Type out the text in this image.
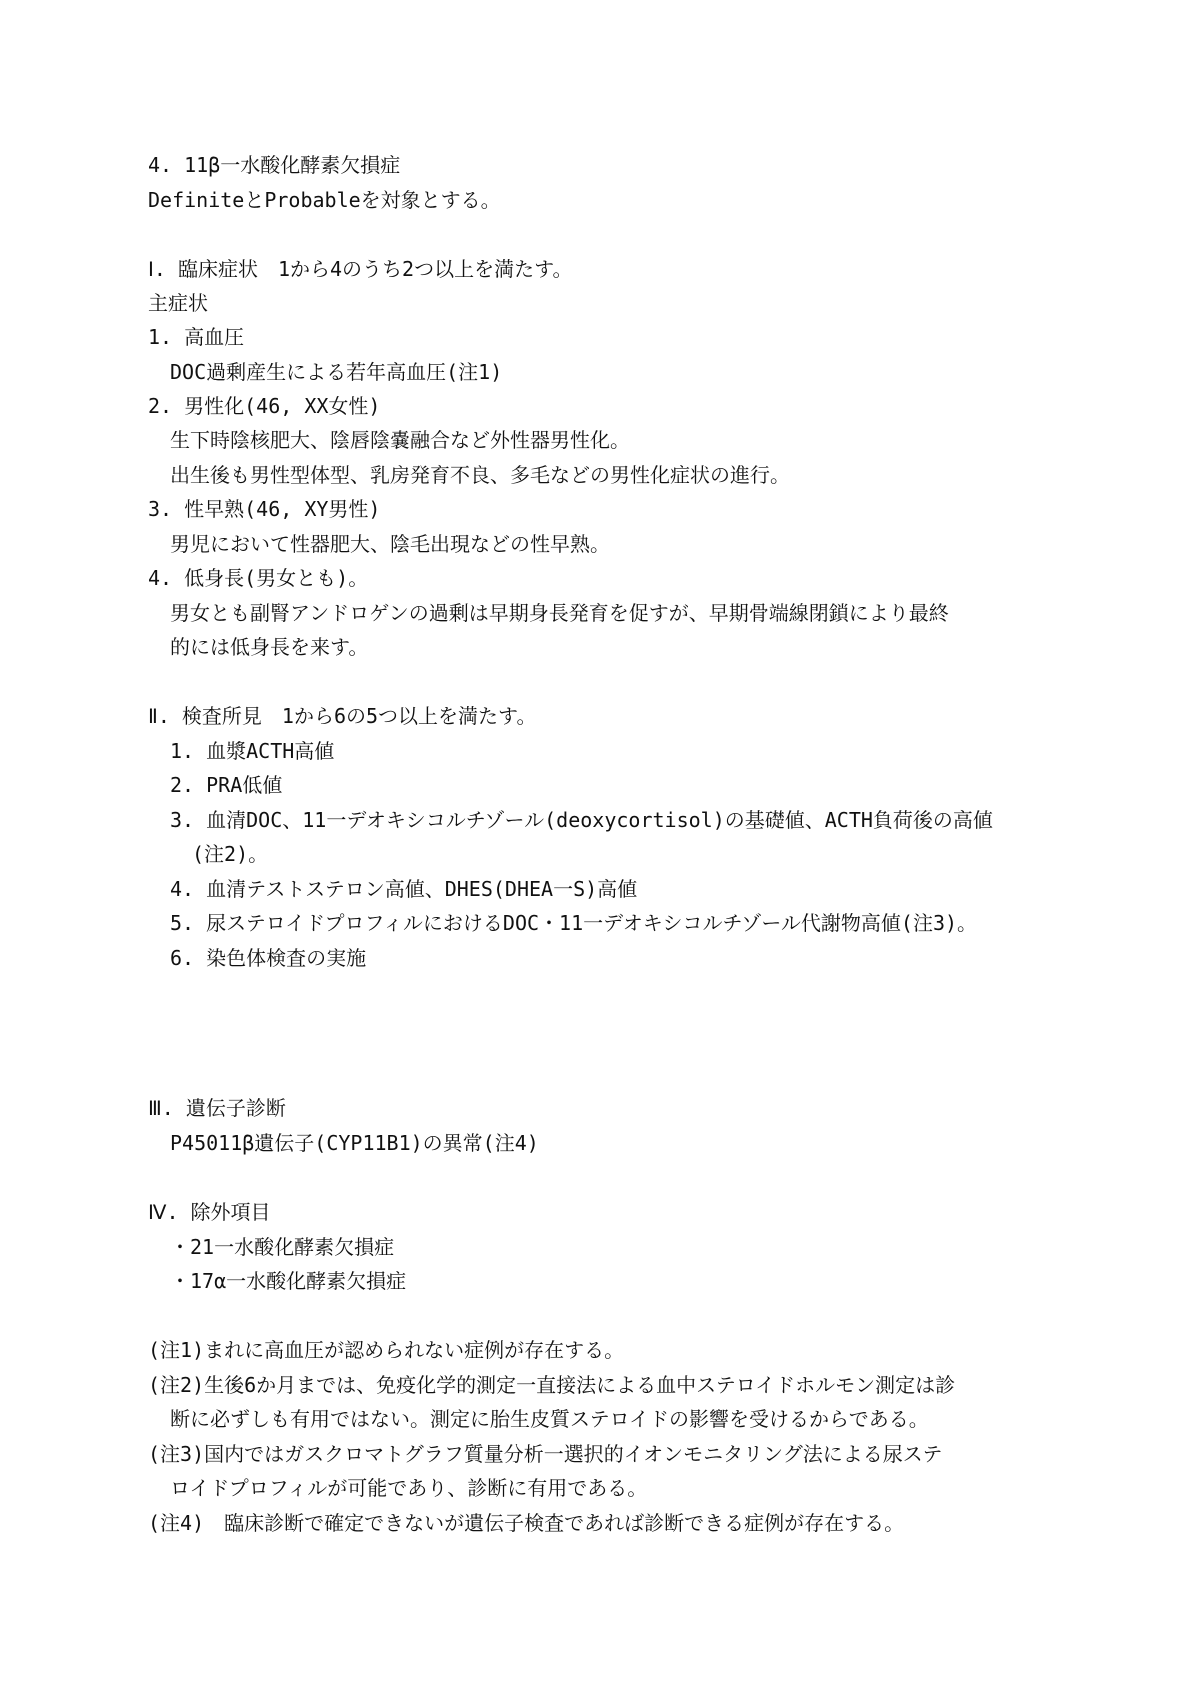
4. 11β一水酸化酵素欠損症
DefiniteとProbableを対象とする。
Ⅰ. 臨床症状　1から4のうち2つ以上を満たす。
主症状
1. 高血圧
DOC過剰産生による若年高血圧(注1)
2. 男性化(46, XX女性)
生下時陰核肥大、陰唇陰嚢融合など外性器男性化。
出生後も男性型体型、乳房発育不良、多毛などの男性化症状の進行。
3. 性早熟(46, XY男性)
男児において性器肥大、陰毛出現などの性早熟。
4. 低身長(男女とも)。
男女とも副腎アンドロゲンの過剰は早期身長発育を促すが、早期骨端線閉鎖により最終
的には低身長を来す。
Ⅱ. 検査所見　1から6の5つ以上を満たす。
1. 血漿ACTH高値
2. PRA低値
3. 血清DOC、11一デオキシコルチゾール(deoxycortisol)の基礎値、ACTH負荷後の高値
(注2)。
4. 血清テストステロン高値、DHES(DHEA一S)高値
5. 尿ステロイドプロフィルにおけるDOC・11一デオキシコルチゾール代謝物高値(注3)。
6. 染色体検査の実施
Ⅲ. 遺伝子診断
P45011β遺伝子(CYP11B1)の異常(注4)
Ⅳ. 除外項目
・21一水酸化酵素欠損症
・17α一水酸化酵素欠損症
(注1)まれに高血圧が認められない症例が存在する。
(注2)生後6か月までは、免疫化学的測定一直接法による血中ステロイドホルモン測定は診
断に必ずしも有用ではない。測定に胎生皮質ステロイドの影響を受けるからである。
(注3)国内ではガスクロマトグラフ質量分析一選択的イオンモニタリング法による尿ステ
ロイドプロフィルが可能であり、診断に有用である。
(注4)　臨床診断で確定できないが遺伝子検査であれば診断できる症例が存在する。
